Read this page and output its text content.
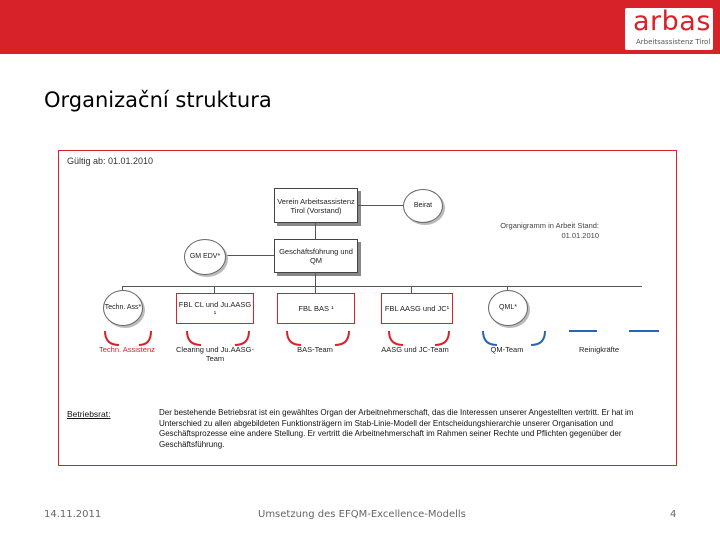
arbas
Arbeitsassistenz Tirol
Organizační struktura
Gültig ab: 01.01.2010
Organigramm in Arbeit Stand: 01.01.2010
Verein Arbeitsassistenz Tirol (Vorstand)	Beirat
Geschäftsführung und QM
GM EDV*
Techn. Ass*	FBL CL und Ju.AASG ¹	FBL BAS ¹	FBL AASG und JC¹	QML*
Techn. Assistenz	Clearing und Ju.AASG-Team
BAS-Team	AASG und JC-Team	QM-Team	Reinigkräfte
Betriebsrat:	Der bestehende Betriebsrat ist ein gewähltes Organ der Arbeitnehmerschaft, das die Interessen unserer Angestellten vertritt. Er hat im Unterschied zu allen abgebildeten Funktionsträgern im Stab-Linie-Modell der Entscheidungshierarchie unserer Organisation und Geschäftsprozesse eine andere Stellung. Er vertritt die Arbeitnehmerschaft im Rahmen seiner Rechte und Pflichten gegenüber der Geschäftsführung.
14.11.2011	Umsetzung des EFQM-Excellence-Modells	4
